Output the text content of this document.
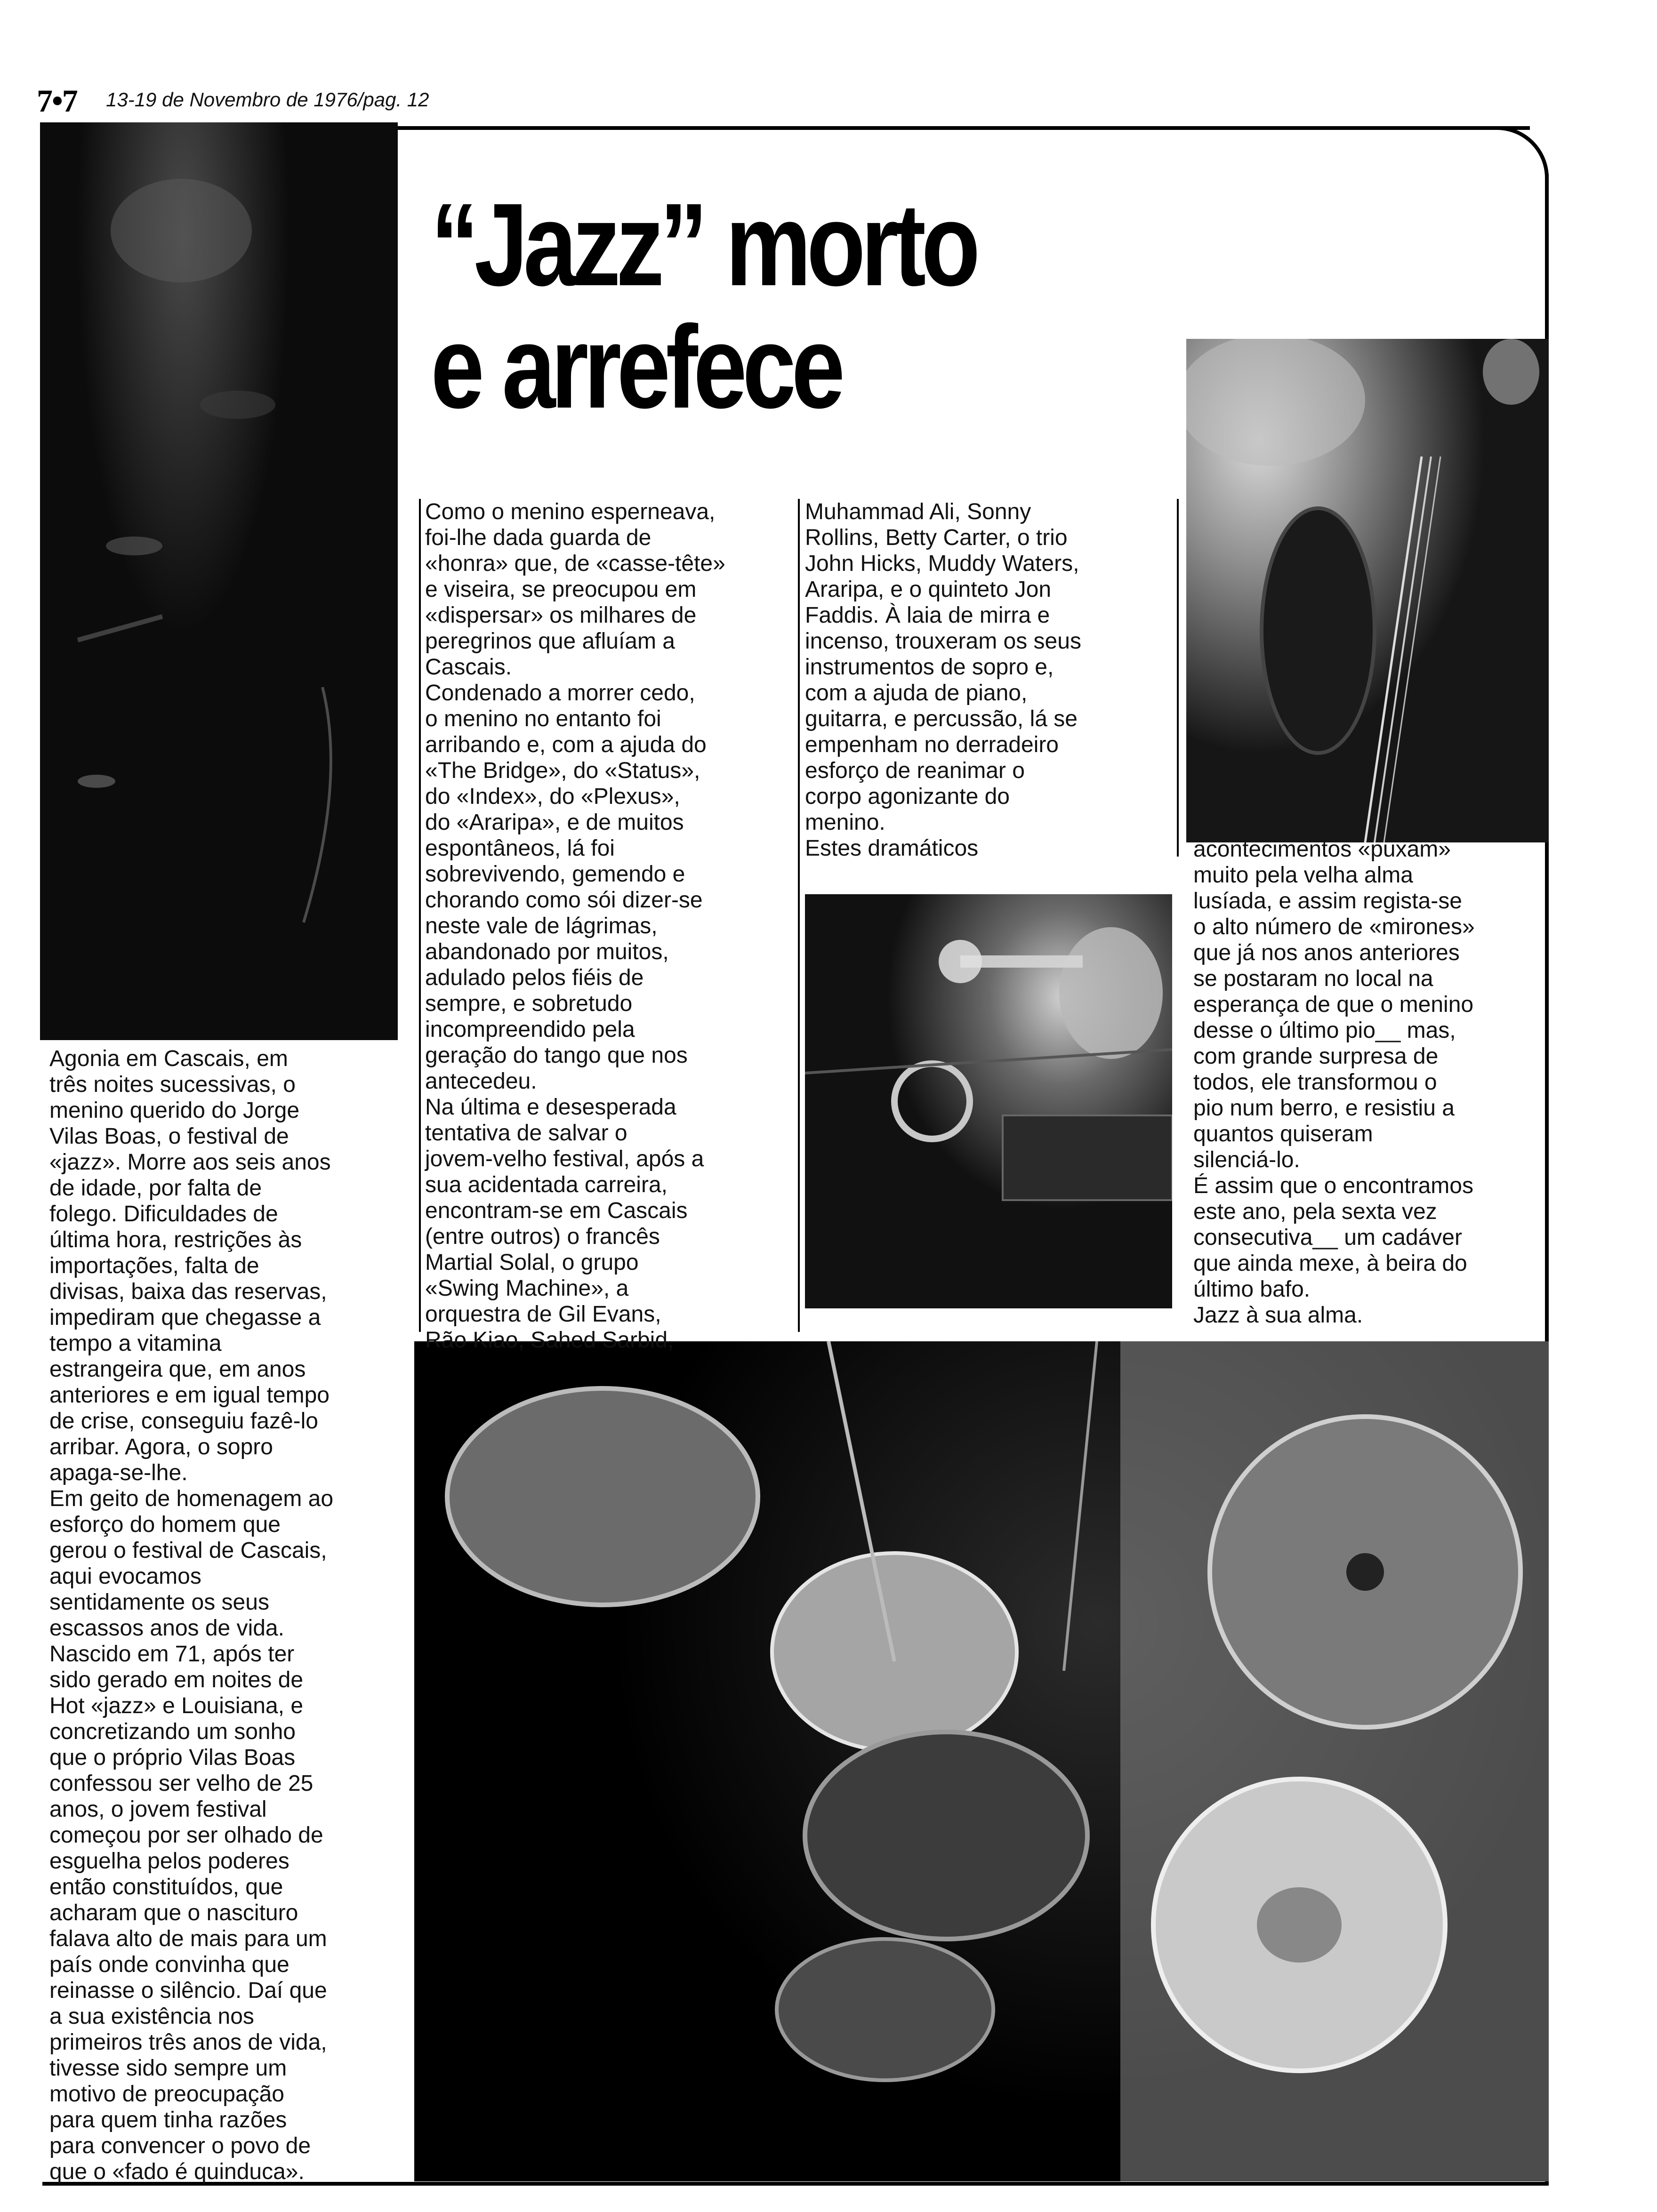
7•7 13-19 de Novembro de 1976/pag. 12
“Jazz” morto
e arrefece
Agonia em Cascais, em
três noites sucessivas, o
menino querido do Jorge
Vilas Boas, o festival de
«jazz». Morre aos seis anos
de idade, por falta de
folego. Dificuldades de
última hora, restrições às
importações, falta de
divisas, baixa das reservas,
impediram que chegasse a
tempo a vitamina
estrangeira que, em anos
anteriores e em igual tempo
de crise, conseguiu fazê-lo
arribar. Agora, o sopro
apaga-se-lhe.
Em geito de homenagem ao
esforço do homem que
gerou o festival de Cascais,
aqui evocamos
sentidamente os seus
escassos anos de vida.
Nascido em 71, após ter
sido gerado em noites de
Hot «jazz» e Louisiana, e
concretizando um sonho
que o próprio Vilas Boas
confessou ser velho de 25
anos, o jovem festival
começou por ser olhado de
esguelha pelos poderes
então constituídos, que
acharam que o nascituro
falava alto de mais para um
país onde convinha que
reinasse o silêncio. Daí que
a sua existência nos
primeiros três anos de vida,
tivesse sido sempre um
motivo de preocupação
para quem tinha razões
para convencer o povo de
que o «fado é quinduca».
Como o menino esperneava,
foi-lhe dada guarda de
«honra» que, de «casse-tête»
e viseira, se preocupou em
«dispersar» os milhares de
peregrinos que afluíam a
Cascais.
Condenado a morrer cedo,
o menino no entanto foi
arribando e, com a ajuda do
«The Bridge», do «Status»,
do «Index», do «Plexus»,
do «Araripa», e de muitos
espontâneos, lá foi
sobrevivendo, gemendo e
chorando como sói dizer-se
neste vale de lágrimas,
abandonado por muitos,
adulado pelos fiéis de
sempre, e sobretudo
incompreendido pela
geração do tango que nos
antecedeu.
Na última e desesperada
tentativa de salvar o
jovem-velho festival, após a
sua acidentada carreira,
encontram-se em Cascais
(entre outros) o francês
Martial Solal, o grupo
«Swing Machine», a
orquestra de Gil Evans,
Rão Kiao, Sahed Sarbid,
Muhammad Ali, Sonny
Rollins, Betty Carter, o trio
John Hicks, Muddy Waters,
Araripa, e o quinteto Jon
Faddis. À laia de mirra e
incenso, trouxeram os seus
instrumentos de sopro e,
com a ajuda de piano,
guitarra, e percussão, lá se
empenham no derradeiro
esforço de reanimar o
corpo agonizante do
menino.
Estes dramáticos	acontecimentos «puxam»
muito pela velha alma
lusíada, e assim regista-se
o alto número de «mirones»
que já nos anos anteriores
se postaram no local na
esperança de que o menino
desse o último pio__ mas,
com grande surpresa de
todos, ele transformou o
pio num berro, e resistiu a
quantos quiseram
silenciá-lo.
É assim que o encontramos
este ano, pela sexta vez
consecutiva__ um cadáver
que ainda mexe, à beira do
último bafo.
Jazz à sua alma.
